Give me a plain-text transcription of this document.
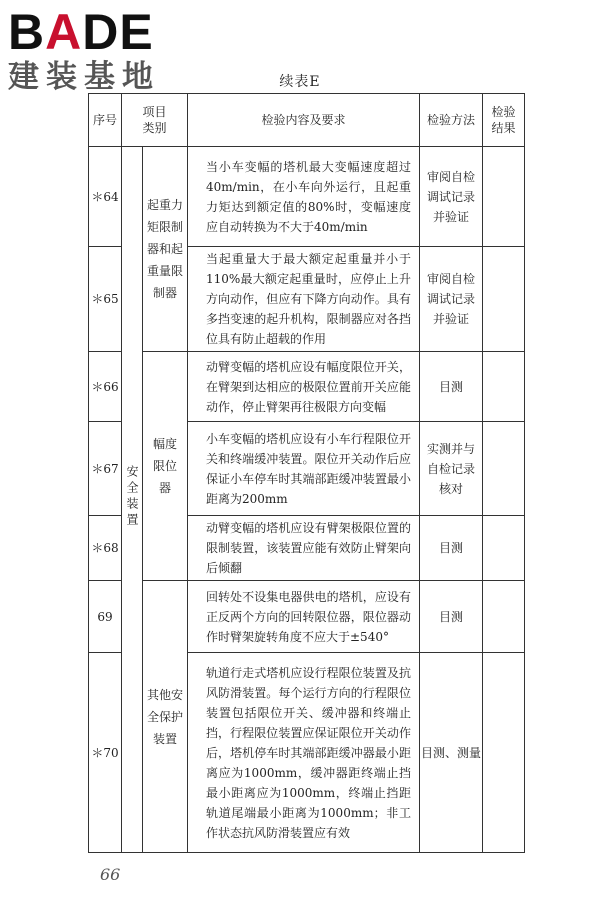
BADE
建装基地	续表E
序号	项目类别		检验内容及要求	检验方法	检验结果

＊64	安全装置	起重力矩限制器和起重量限制器	当小车变幅的塔机最大变幅速度超过40m/min，在小车向外运行，且起重力矩达到额定值的80%时，变幅速度应自动转换为不大于40m/min	审阅自检调试记录并验证	

＊65			当起重量大于最大额定起重量并小于110%最大额定起重量时，应停止上升方向动作，但应有下降方向动作。具有多挡变速的起升机构，限制器应对各挡位具有防止超载的作用	审阅自检调试记录并验证	

＊66		幅度限位器	动臂变幅的塔机应设有幅度限位开关，在臂架到达相应的极限位置前开关应能动作，停止臂架再往极限方向变幅	目测	
＊67			小车变幅的塔机应设有小车行程限位开关和终端缓冲装置。限位开关动作后应保证小车停车时其端部距缓冲装置最小距离为200mm	实测并与自检记录核对	

＊68			动臂变幅的塔机应设有臂架极限位置的限制装置，该装置应能有效防止臂架向后倾翻	目测	
69		其他安全保护装置	回转处不设集电器供电的塔机，应设有正反两个方向的回转限位器，限位器动作时臂架旋转角度不应大于±540°	目测	
＊70			轨道行走式塔机应设行程限位装置及抗风防滑装置。每个运行方向的行程限位装置包括限位开关、缓冲器和终端止挡，行程限位装置应保证限位开关动作后，塔机停车时其端部距缓冲器最小距离应为1000mm，缓冲器距终端止挡最小距离应为1000mm，终端止挡距轨道尾端最小距离为1000mm；非工作状态抗风防滑装置应有效	目测、测量	
66
